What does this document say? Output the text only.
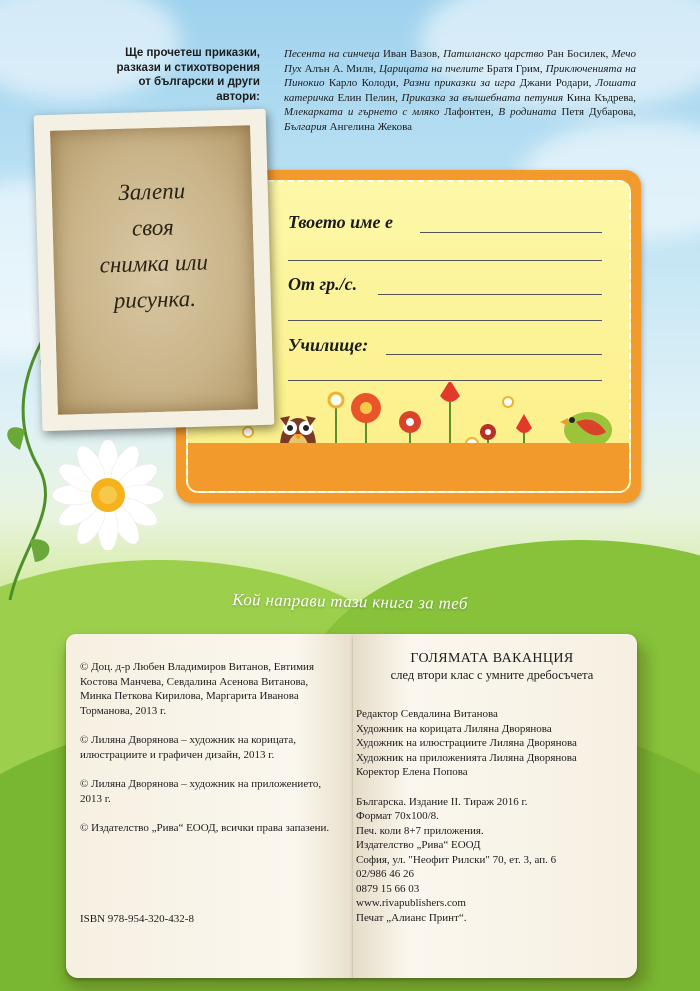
Ще прочетеш приказки, разкази и стихотворения от български и други автори:
Песента на синчеца Иван Вазов, Патиланско царство Ран Босилек, Мечо Пух Алън А. Милн, Царицата на пчелите Братя Грим, Приключенията на Пинокио Карло Колоди, Разни приказки за игра Джани Родари, Лошата катеричка Елин Пелин, Приказка за вълшебната петуния Кина Къдрева, Млекарката и гърнето с мляко Лафонтен, В родината Петя Дубарова, България Ангелина Жекова
Твоето име е
От гр./с.
Училище:
Залепи
своя
снимка или
рисунка.
Кой направи тази книга за теб

© Доц. д-р Любен Владимиров Витанов, Евтимия Костова Манчева, Севдалина Асенова Витанова, Минка Петкова Кирилова, Маргарита Иванова Торманова, 2013 г.

© Лиляна Дворянова – художник на корицата, илюстрациите и графичен дизайн, 2013 г.

© Лиляна Дворянова – художник на приложението, 2013 г.

© Издателство „Рива“ ЕООД, всички права запазени.

ISBN 978-954-320-432-8
ГОЛЯМАТА ВАКАНЦИЯ
след втори клас с умните дребосъчета
Редактор Севдалина Витанова
Художник на корицата Лиляна Дворянова
Художник на илюстрациите Лиляна Дворянова
Художник на приложенията Лиляна Дворянова
Коректор Елена Попова
Българска. Издание II. Тираж 2016 г.
Формат 70х100/8.
Печ. коли 8+7 приложения.
Издателство „Рива“ ЕООД
София, ул. "Неофит Рилски" 70, ет. 3, ап. 6
02/986 46 26
0879 15 66 03
www.rivapublishers.com
Печат „Алианс Принт“.
